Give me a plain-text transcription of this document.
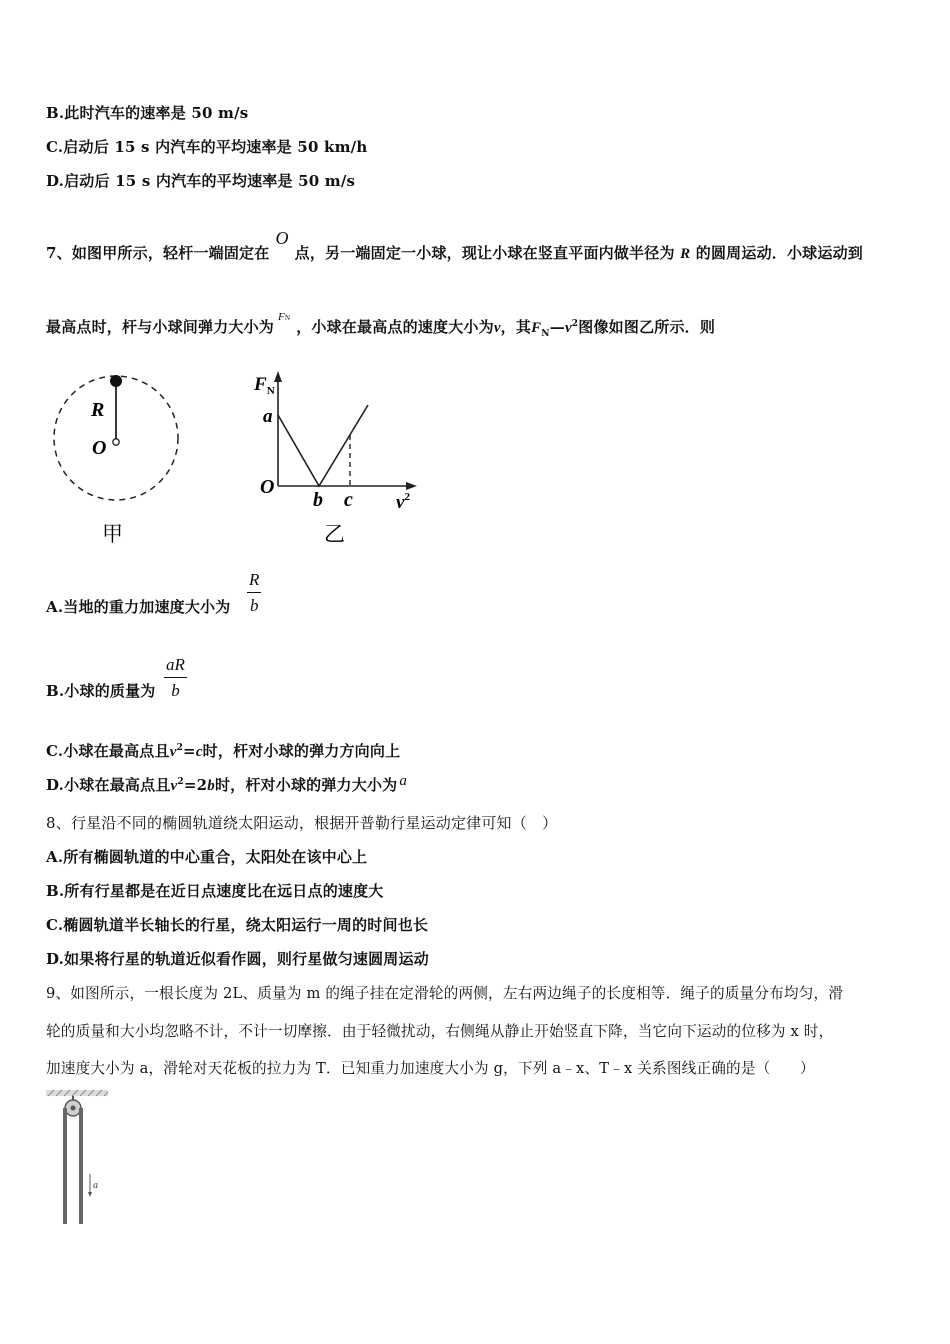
B.此时汽车的速率是 50 m/s
C.启动后 15 s 内汽车的平均速率是 50 km/h
D.启动后 15 s 内汽车的平均速率是 50 m/s
7、如图甲所示，轻杆一端固定在O点，另一端固定一小球，现让小球在竖直平面内做半径为 R 的圆周运动．小球运动到
最高点时，杆与小球间弹力大小为FN ，小球在最高点的速度大小为v，其$F_N—v^2$图像如图乙所示．则
R
O
甲
$F_N$
a
O
b c $v^2$
乙
A.当地的重力加速度大小为
R
b
B.小球的质量为
aR
b
C.小球在最高点且$v^2=c$时，杆对小球的弹力方向向上
D.小球在最高点且$v^2=2b$时，杆对小球的弹力大小为 a
8、行星沿不同的椭圆轨道绕太阳运动，根据开普勒行星运动定律可知（　）
A.所有椭圆轨道的中心重合，太阳处在该中心上
B.所有行星都是在近日点速度比在远日点的速度大
C.椭圆轨道半长轴长的行星，绕太阳运行一周的时间也长
D.如果将行星的轨道近似看作圆，则行星做匀速圆周运动
9、如图所示，一根长度为 2L、质量为 m 的绳子挂在定滑轮的两侧，左右两边绳子的长度相等．绳子的质量分布均匀，滑
轮的质量和大小均忽略不计，不计一切摩擦．由于轻微扰动，右侧绳从静止开始竖直下降，当它向下运动的位移为 x 时，
加速度大小为 a，滑轮对天花板的拉力为 T．已知重力加速度大小为 g，下列 a﹣x、T﹣x 关系图线正确的是（　　）
a
